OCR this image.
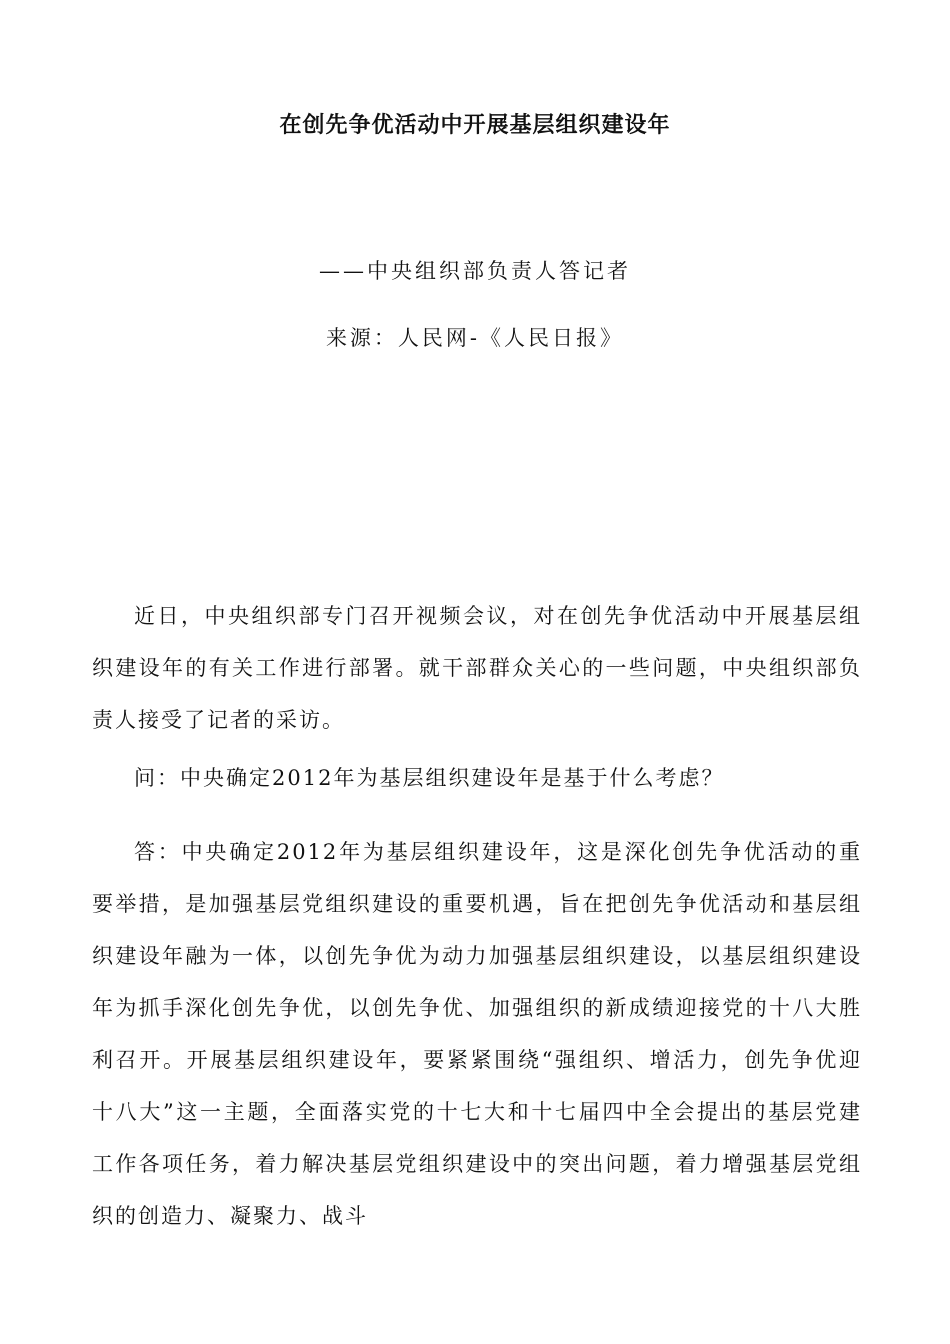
在创先争优活动中开展基层组织建设年
——中央组织部负责人答记者
来源：人民网-《人民日报》

近日，中央组织部专门召开视频会议，对在创先争优活动中开展基层组织建设年的有关工作进行部署。就干部群众关心的一些问题，中央组织部负责人接受了记者的采访。

问：中央确定2012年为基层组织建设年是基于什么考虑？

答：中央确定2012年为基层组织建设年，这是深化创先争优活动的重要举措，是加强基层党组织建设的重要机遇，旨在把创先争优活动和基层组织建设年融为一体，以创先争优为动力加强基层组织建设，以基层组织建设年为抓手深化创先争优，以创先争优、加强组织的新成绩迎接党的十八大胜利召开。开展基层组织建设年，要紧紧围绕“强组织、增活力，创先争优迎十八大”这一主题，全面落实党的十七大和十七届四中全会提出的基层党建工作各项任务，着力解决基层党组织建设中的突出问题，着力增强基层党组织的创造力、凝聚力、战斗
